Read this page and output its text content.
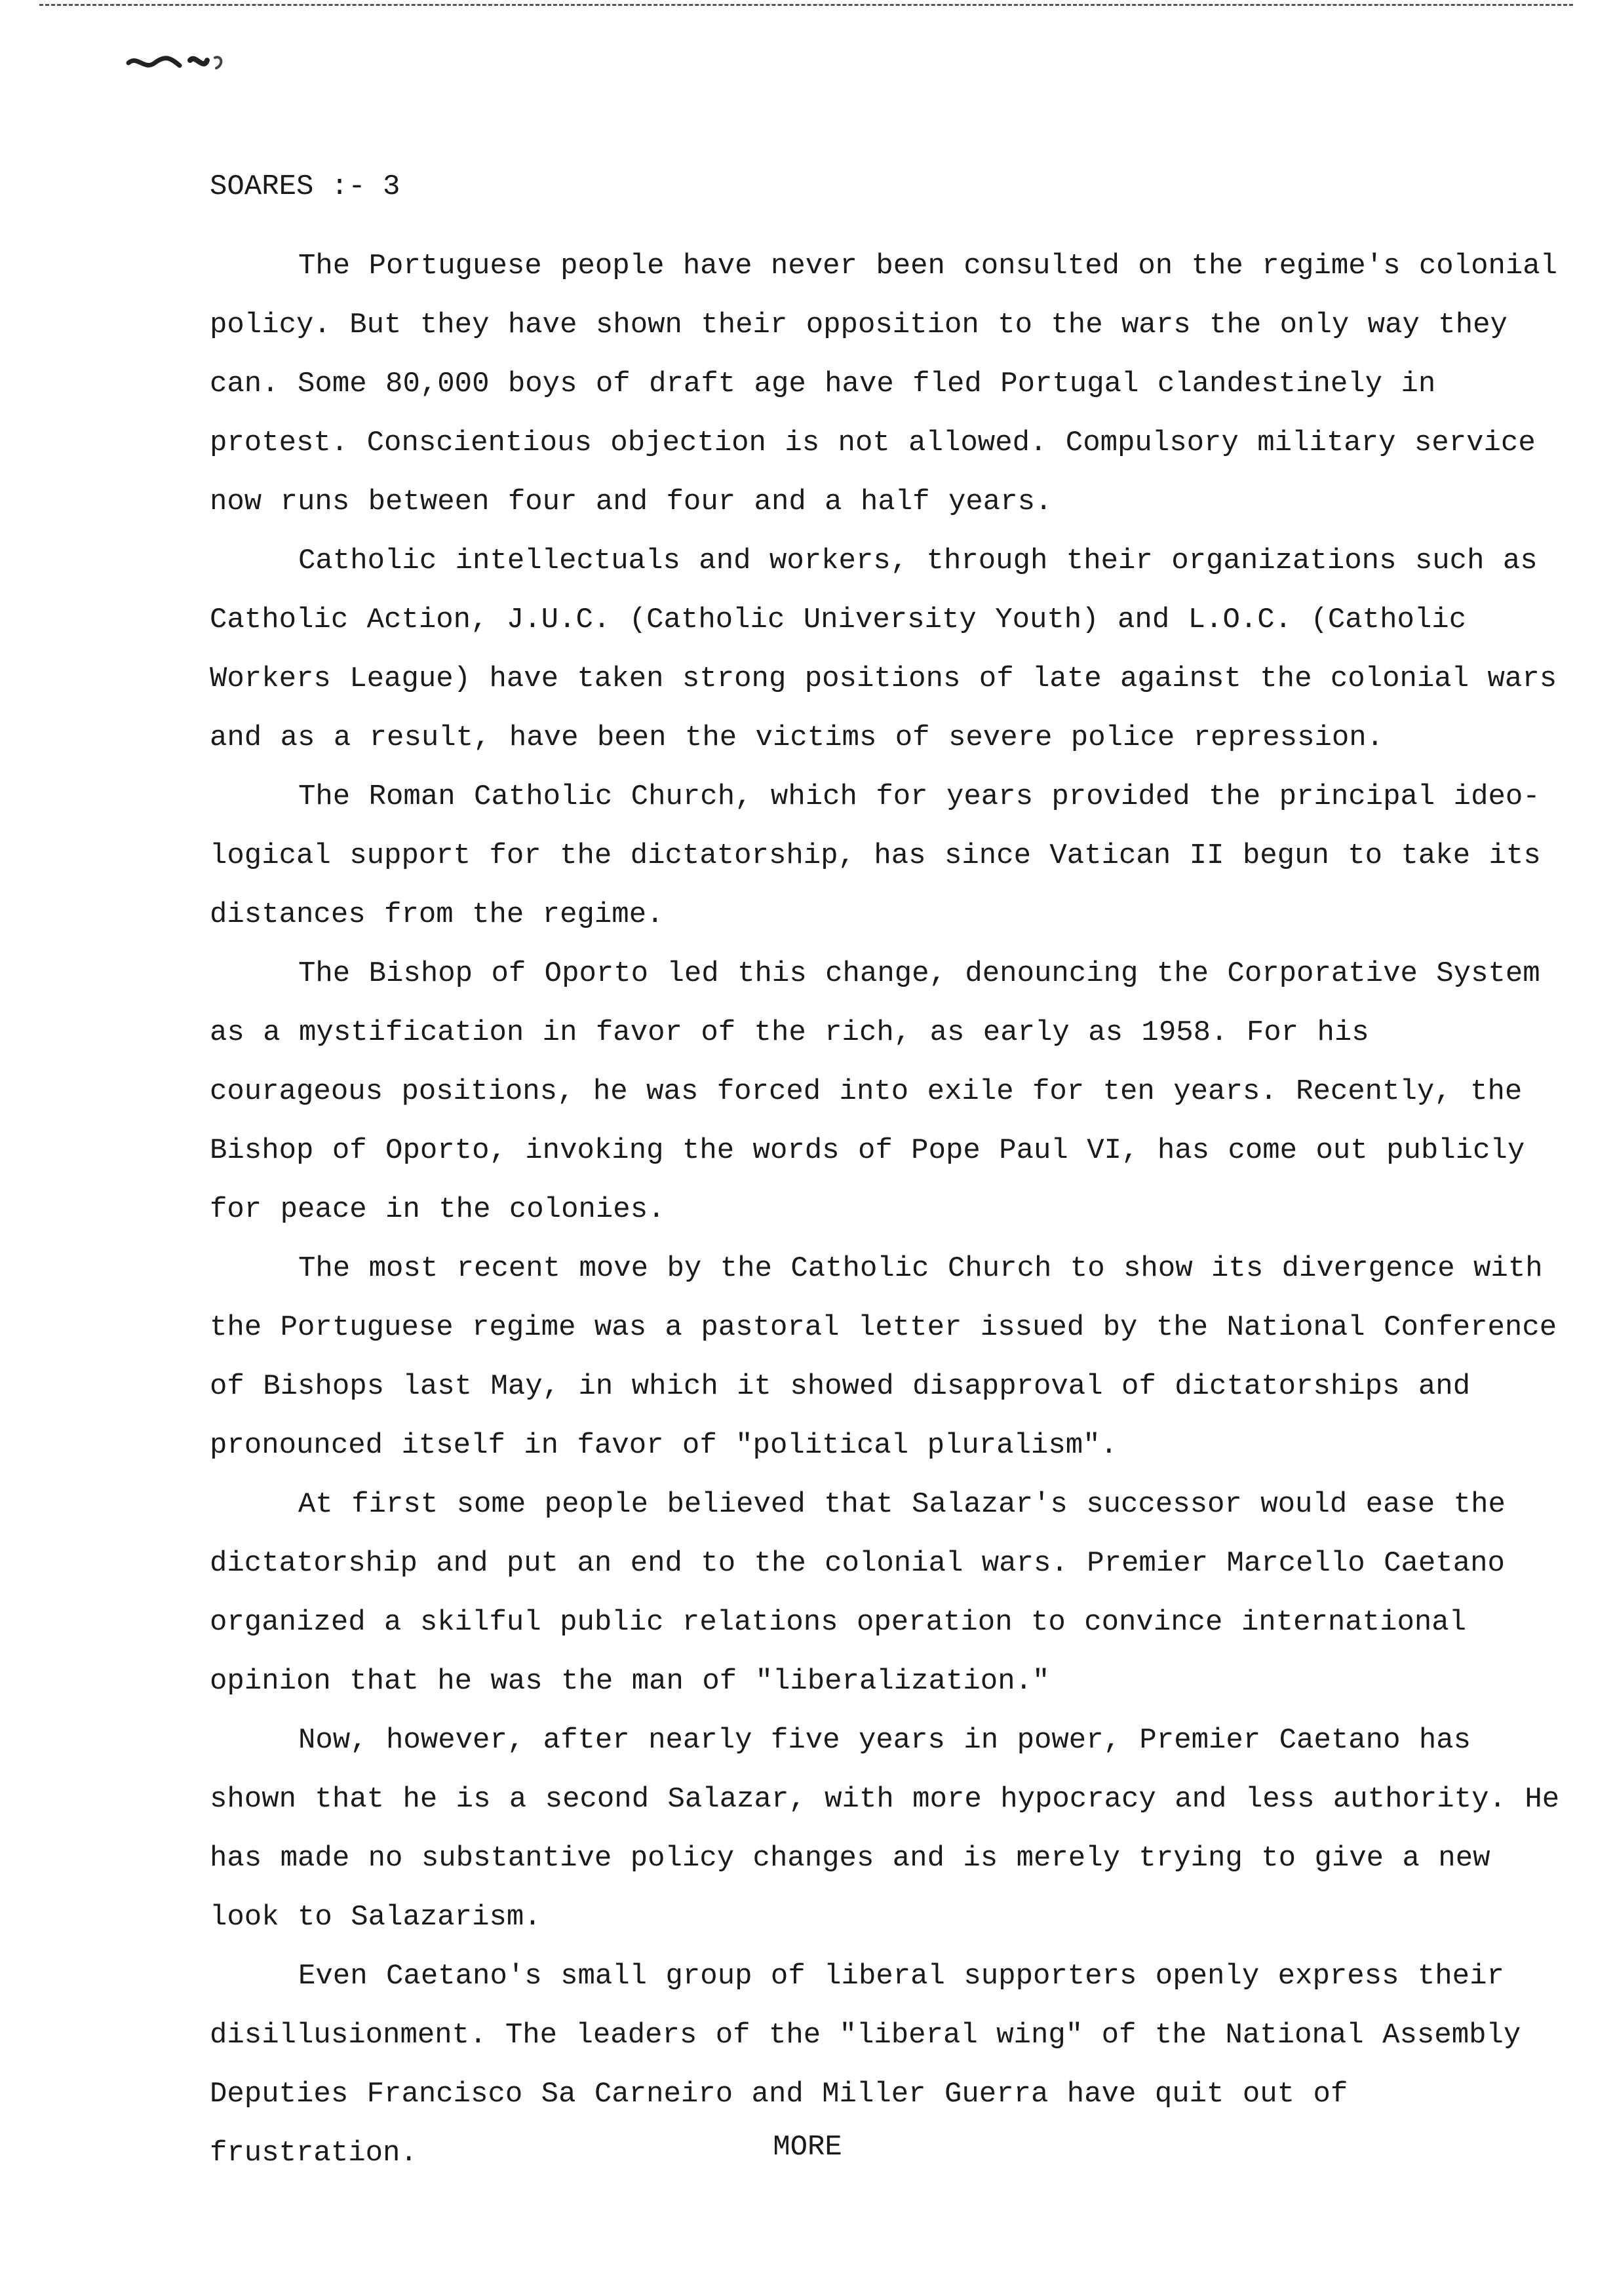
SOARES :- 3

The Portuguese people have never been consulted on the regime's colonial policy. But they have shown their opposition to the wars the only way they can. Some 80,000 boys of draft age have fled Portugal clandestinely in protest. Conscientious objection is not allowed. Compulsory military service now runs between four and four and a half years.

Catholic intellectuals and workers, through their organizations such as Catholic Action, J.U.C. (Catholic University Youth) and L.O.C. (Catholic Workers League) have taken strong positions of late against the colonial wars and as a result, have been the victims of severe police repression.

The Roman Catholic Church, which for years provided the principal ideo- logical support for the dictatorship, has since Vatican II begun to take its distances from the regime.

The Bishop of Oporto led this change, denouncing the Corporative System as a mystification in favor of the rich, as early as 1958. For his courageous positions, he was forced into exile for ten years. Recently, the Bishop of Oporto, invoking the words of Pope Paul VI, has come out publicly for peace in the colonies.

The most recent move by the Catholic Church to show its divergence with the Portuguese regime was a pastoral letter issued by the National Conference of Bishops last May, in which it showed disapproval of dictatorships and pronounced itself in favor of "political pluralism".

At first some people believed that Salazar's successor would ease the dictatorship and put an end to the colonial wars. Premier Marcello Caetano organized a skilful public relations operation to convince international opinion that he was the man of "liberalization."

Now, however, after nearly five years in power, Premier Caetano has shown that he is a second Salazar, with more hypocracy and less authority. He has made no substantive policy changes and is merely trying to give a new look to Salazarism.

Even Caetano's small group of liberal supporters openly express their disillusionment. The leaders of the "liberal wing" of the National Assembly Deputies Francisco Sa Carneiro and Miller Guerra have quit out of frustration.	MORE
